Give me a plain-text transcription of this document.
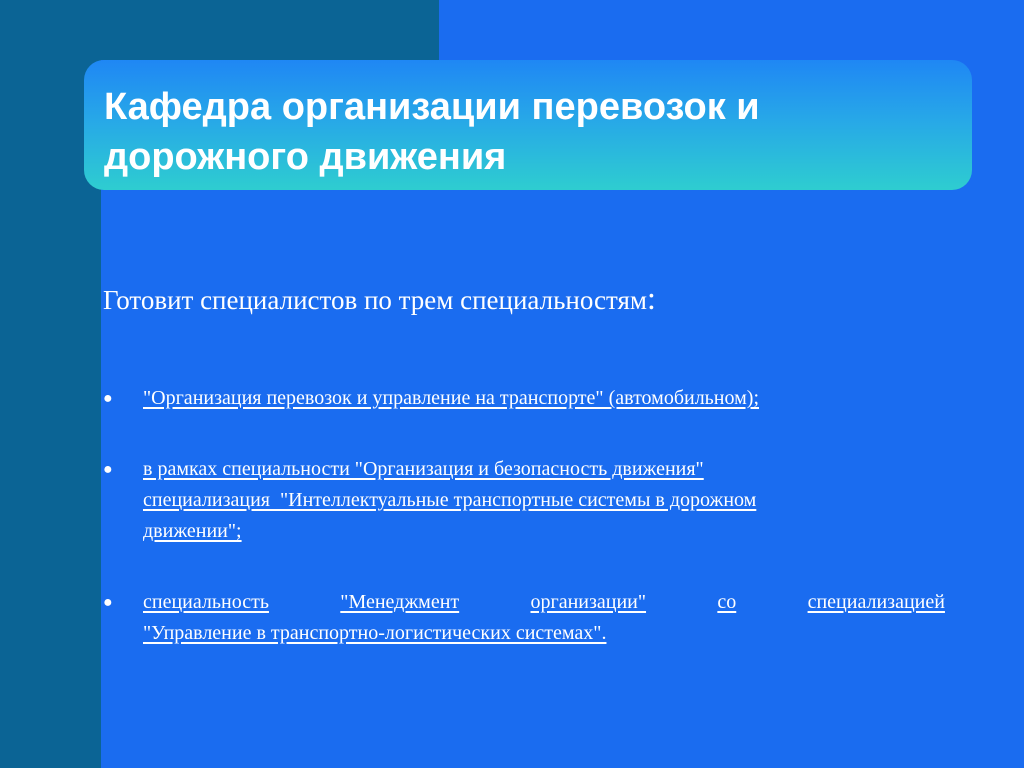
Кафедра организации перевозок и
дорожного движения
Готовит специалистов по трем специальностям:
● "Организация перевозок и управление на транспорте" (автомобильном);
● в рамках специальности "Организация и безопасность движения"
специализация  "Интеллектуальные транспортные системы в дорожном
движении";
● специальность	"Менеджмент	организации"	со	специализацией
"Управление в транспортно-логистических системах".
